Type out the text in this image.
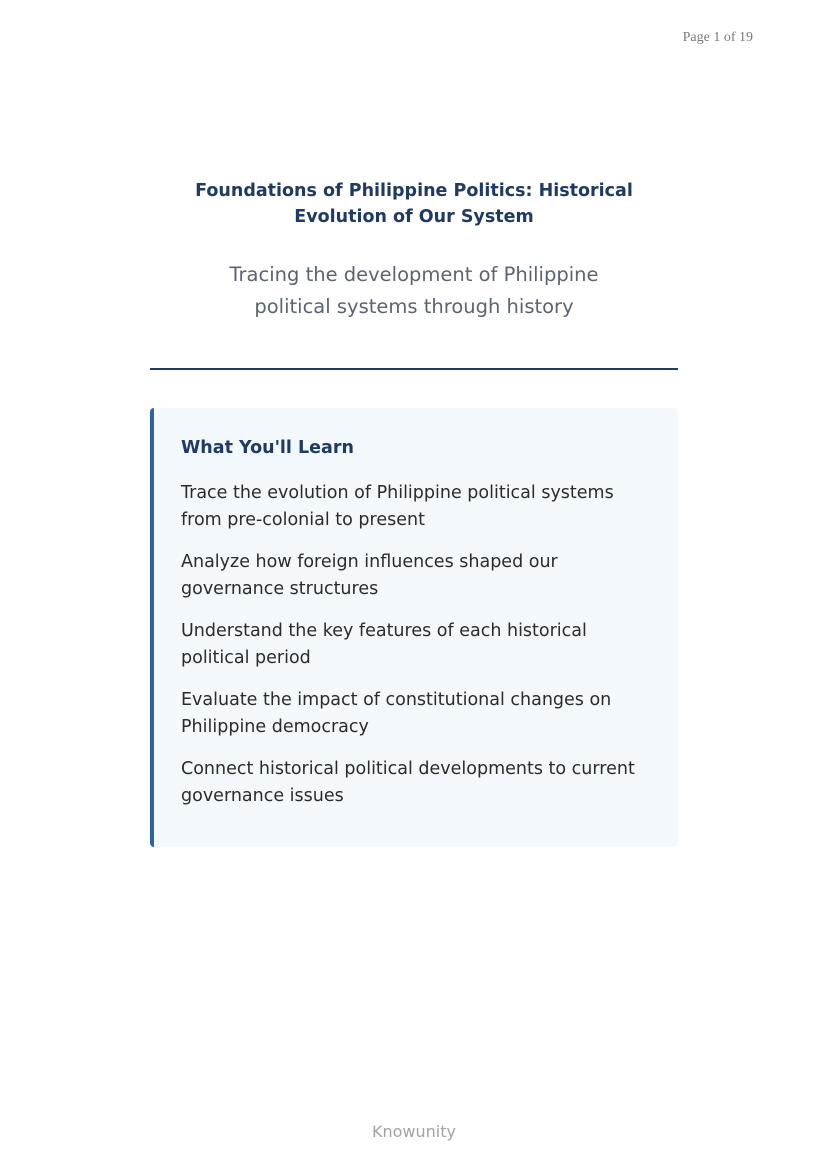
Page 1 of 19

Foundations of Philippine Politics: Historical Evolution of Our System

Tracing the development of Philippine
political systems through history

What You'll Learn
Trace the evolution of Philippine political systems from pre-colonial to present
Analyze how foreign influences shaped our governance structures
Understand the key features of each historical political period
Evaluate the impact of constitutional changes on Philippine democracy
Connect historical political developments to current governance issues

Knowunity
